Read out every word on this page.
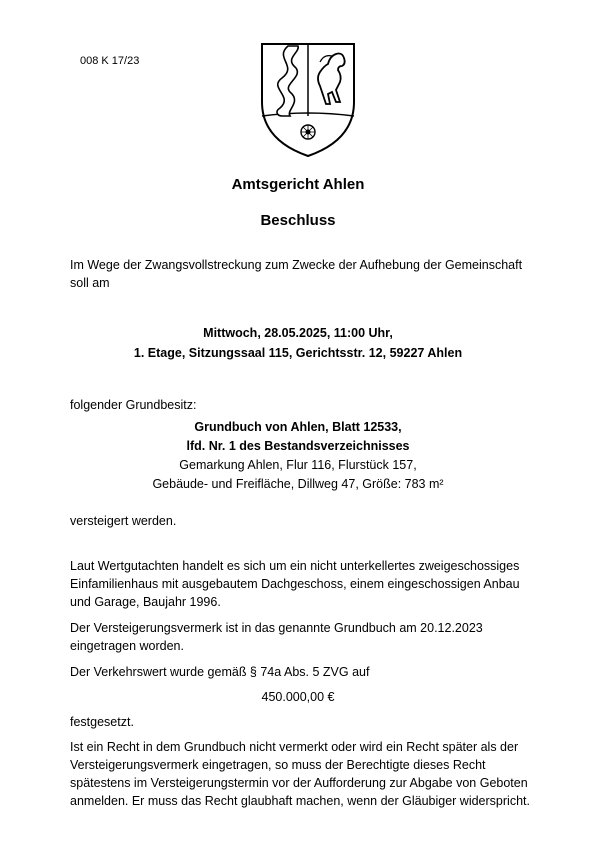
008 K 17/23
Amtsgericht Ahlen
Beschluss
Im Wege der Zwangsvollstreckung zum Zwecke der Aufhebung der Gemeinschaft
soll am
Mittwoch, 28.05.2025, 11:00 Uhr,
1. Etage, Sitzungssaal 115, Gerichtsstr. 12, 59227 Ahlen
folgender Grundbesitz:
Grundbuch von Ahlen, Blatt 12533,
lfd. Nr. 1 des Bestandsverzeichnisses
Gemarkung Ahlen, Flur 116, Flurstück 157,
Gebäude- und Freifläche, Dillweg 47, Größe: 783 m²
versteigert werden.
Laut Wertgutachten handelt es sich um ein nicht unterkellertes zweigeschossiges
Einfamilienhaus mit ausgebautem Dachgeschoss, einem eingeschossigen Anbau
und Garage, Baujahr 1996.
Der Versteigerungsvermerk ist in das genannte Grundbuch am 20.12.2023
eingetragen worden.
Der Verkehrswert wurde gemäß § 74a Abs. 5 ZVG auf
450.000,00 €
festgesetzt.
Ist ein Recht in dem Grundbuch nicht vermerkt oder wird ein Recht später als der
Versteigerungsvermerk eingetragen, so muss der Berechtigte dieses Recht
spätestens im Versteigerungstermin vor der Aufforderung zur Abgabe von Geboten
anmelden. Er muss das Recht glaubhaft machen, wenn der Gläubiger widerspricht.
